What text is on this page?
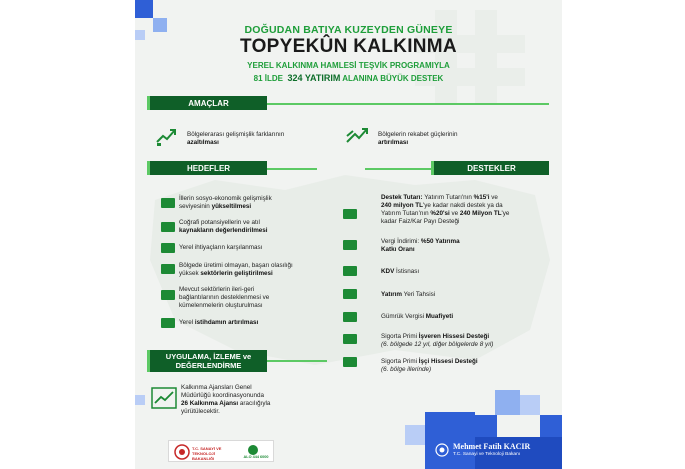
DOĞUDAN BATIYA KUZEYDEN GÜNEYE
TOPYEKÛN KALKINMA
YEREL KALKINMA HAMLESİ TEŞVİK PROGRAMIYLA
81 İLDE 324 YATIRIM ALANINA BÜYÜK DESTEK
AMAÇLAR
Bölgelerarası gelişmişlik farklarının
azaltılması
Bölgelerin rekabet güçlerinin
artırılması
HEDEFLER	DESTEKLER
İllerin sosyo-ekonomik gelişmişlik
seviyesinin yükseltilmesi
Coğrafi potansiyellerin ve atıl
kaynakların değerlendirilmesi
Yerel ihtiyaçların karşılanması
Bölgede üretimi olmayan, başarı olasılığı
yüksek sektörlerin geliştirilmesi
Mevcut sektörlerin ileri-geri
bağlantılarının desteklenmesi ve
kümelenmelerin oluşturulması
Yerel istihdamın artırılması
UYGULAMA, İZLEME ve
DEĞERLENDİRME
Kalkınma Ajansları Genel
Müdürlüğü koordinasyonunda
26 Kalkınma Ajansı aracılığıyla
yürütülecektir.
Destek Tutarı: Yatırım Tutarı'nın %15'i ve
240 milyon TL'ye kadar nakdi destek ya da
Yatırım Tutarı'nın %20'si ve 240 Milyon TL'ye
kadar Faiz/Kar Payı Desteği
Vergi İndirimi: %50 Yatırıma
Katkı Oranı
KDV İstisnası
Yatırım Yeri Tahsisi
Gümrük Vergisi Muafiyeti
Sigorta Primi İşveren Hissesi Desteği
(6. bölgede 12 yıl, diğer bölgelerde 8 yıl)
Sigorta Primi İşçi Hissesi Desteği
(6. bölge illerinde)
T.C. SANAYİ VE TEKNOLOJİ BAKANLIĞI	ALO 444 6000
Mehmet Fatih KACIR
T.C. Sanayi ve Teknoloji Bakanı
